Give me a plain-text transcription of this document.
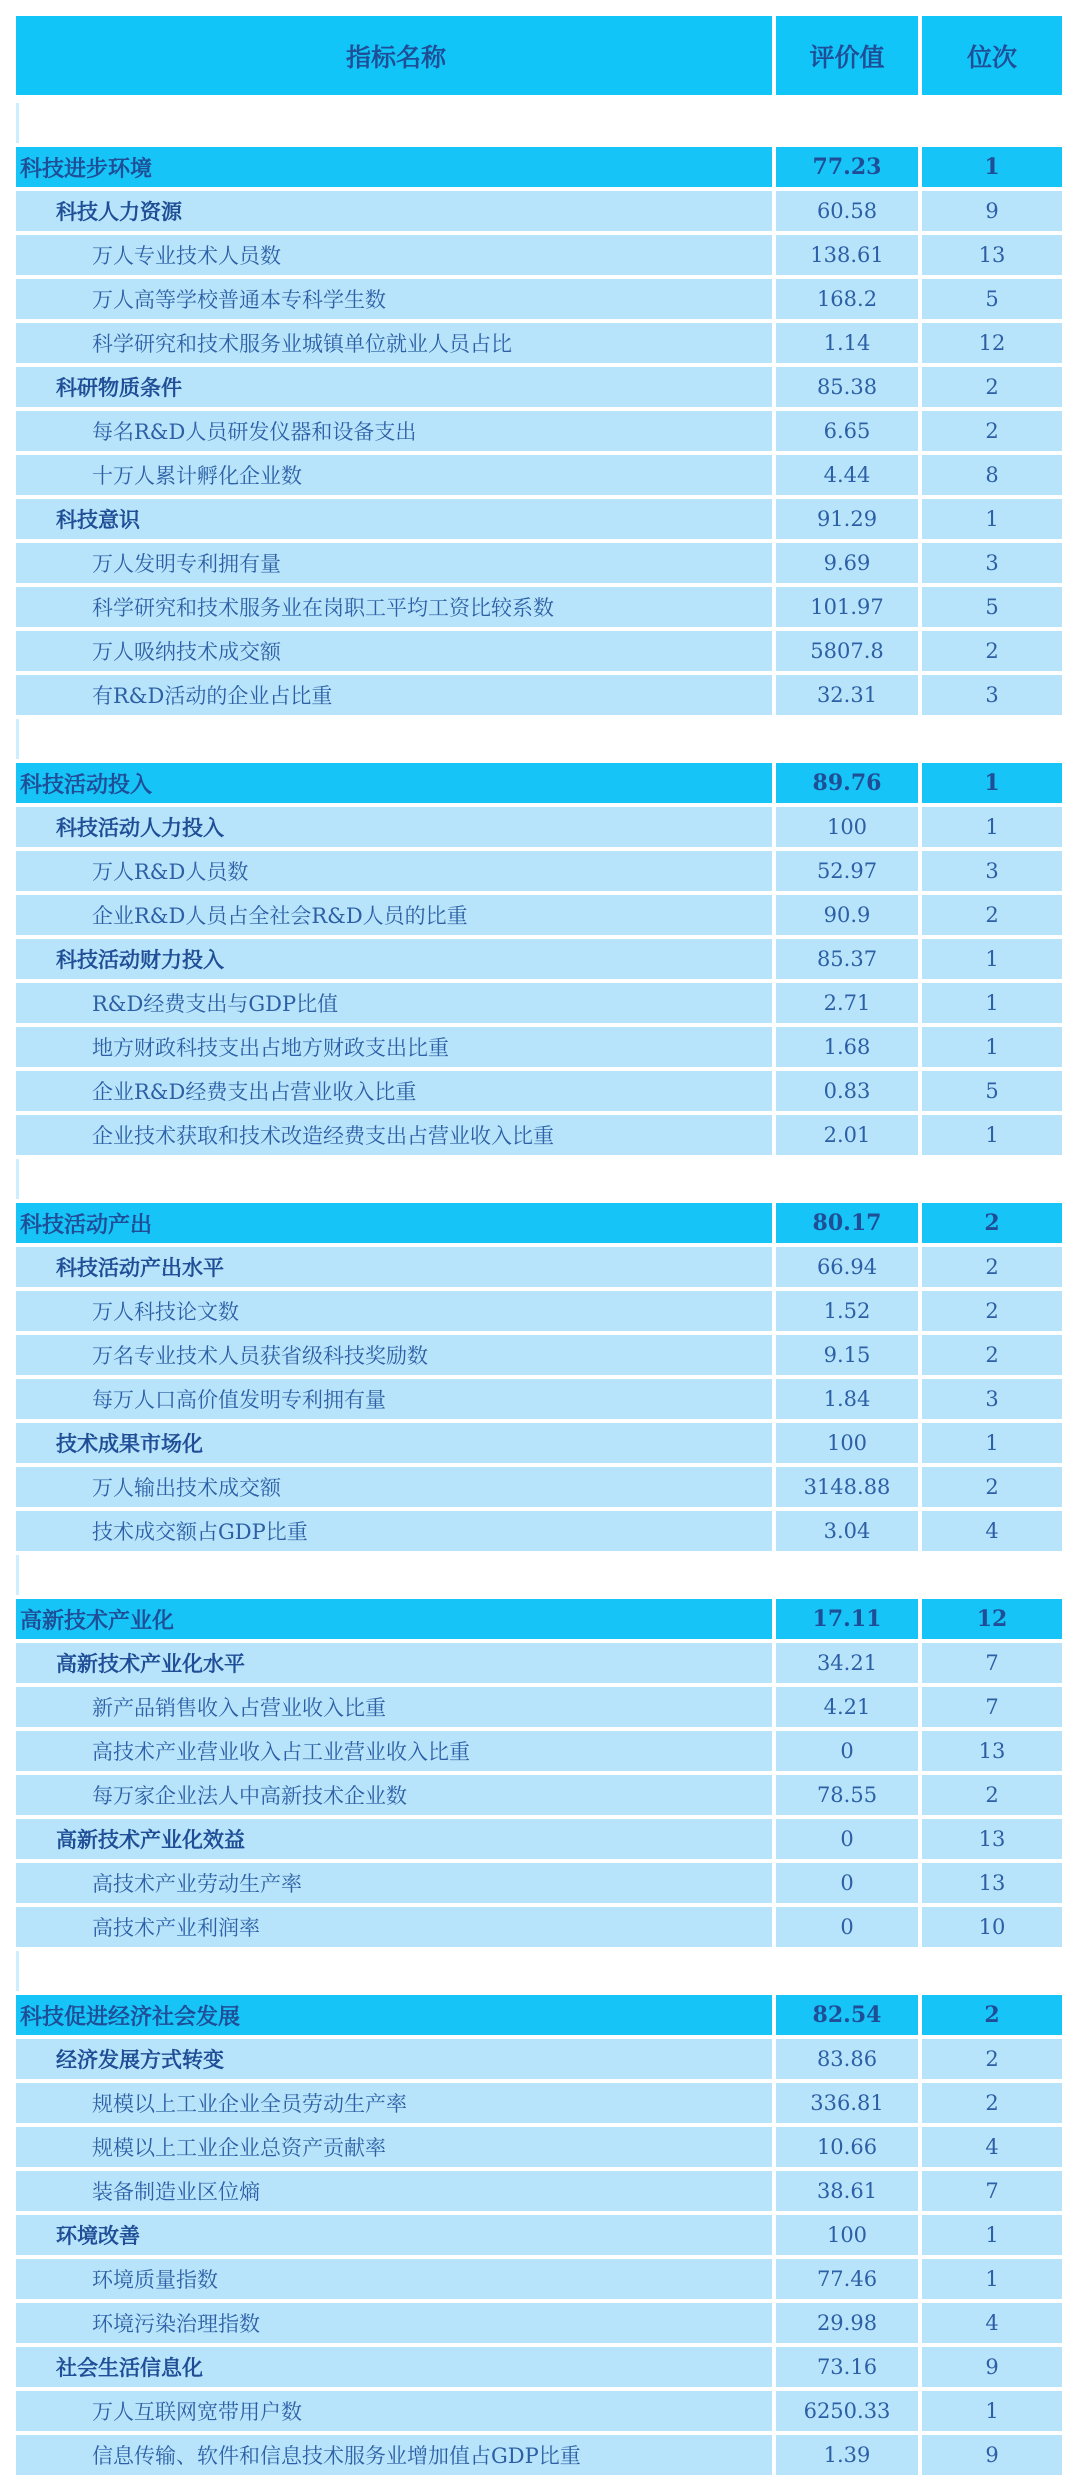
指标名称	评价值	位次
科技进步环境	77.23	1
科技人力资源	60.58	9
万人专业技术人员数	138.61	13
万人高等学校普通本专科学生数	168.2	5
科学研究和技术服务业城镇单位就业人员占比	1.14	12
科研物质条件	85.38	2
每名R&D人员研发仪器和设备支出	6.65	2
十万人累计孵化企业数	4.44	8
科技意识	91.29	1
万人发明专利拥有量	9.69	3
科学研究和技术服务业在岗职工平均工资比较系数	101.97	5
万人吸纳技术成交额	5807.8	2
有R&D活动的企业占比重	32.31	3
科技活动投入	89.76	1
科技活动人力投入	100	1
万人R&D人员数	52.97	3
企业R&D人员占全社会R&D人员的比重	90.9	2
科技活动财力投入	85.37	1
R&D经费支出与GDP比值	2.71	1
地方财政科技支出占地方财政支出比重	1.68	1
企业R&D经费支出占营业收入比重	0.83	5
企业技术获取和技术改造经费支出占营业收入比重	2.01	1
科技活动产出	80.17	2
科技活动产出水平	66.94	2
万人科技论文数	1.52	2
万名专业技术人员获省级科技奖励数	9.15	2
每万人口高价值发明专利拥有量	1.84	3
技术成果市场化	100	1
万人输出技术成交额	3148.88	2
技术成交额占GDP比重	3.04	4
高新技术产业化	17.11	12
高新技术产业化水平	34.21	7
新产品销售收入占营业收入比重	4.21	7
高技术产业营业收入占工业营业收入比重	0	13
每万家企业法人中高新技术企业数	78.55	2
高新技术产业化效益	0	13
高技术产业劳动生产率	0	13
高技术产业利润率	0	10
科技促进经济社会发展	82.54	2
经济发展方式转变	83.86	2
规模以上工业企业全员劳动生产率	336.81	2
规模以上工业企业总资产贡献率	10.66	4
装备制造业区位熵	38.61	7
环境改善	100	1
环境质量指数	77.46	1
环境污染治理指数	29.98	4
社会生活信息化	73.16	9
万人互联网宽带用户数	6250.33	1
信息传输、软件和信息技术服务业增加值占GDP比重	1.39	9
